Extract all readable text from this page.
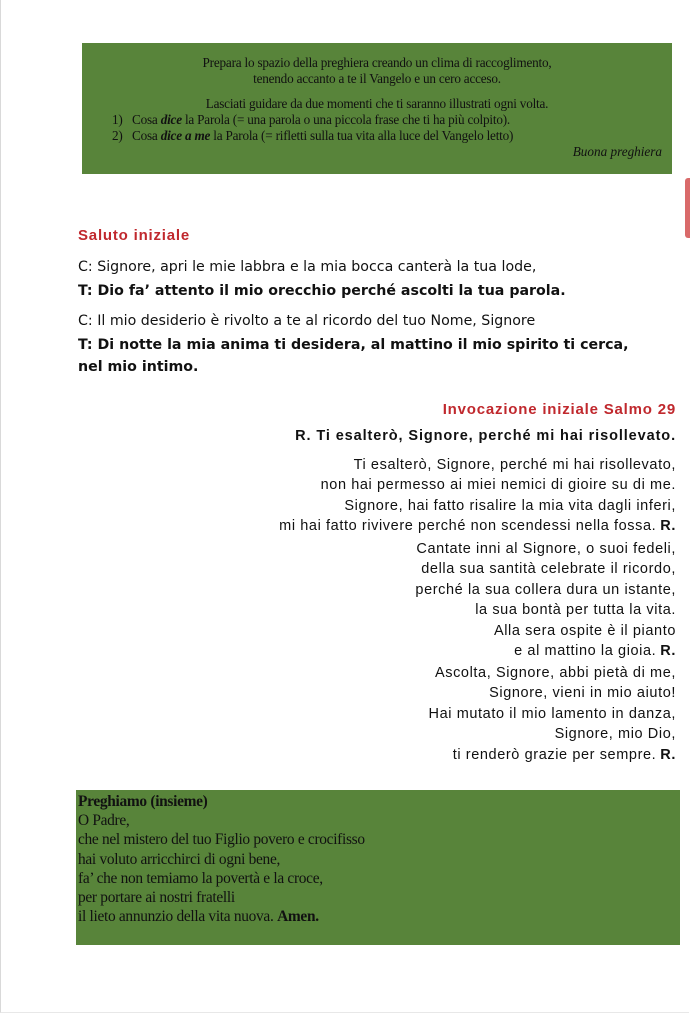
Prepara lo spazio della preghiera creando un clima di raccoglimento,
tenendo accanto a te il Vangelo e un cero acceso.
Lasciati guidare da due momenti che ti saranno illustrati ogni volta.
1) Cosa dice la Parola (= una parola o una piccola frase che ti ha più colpito).
2) Cosa dice a me la Parola (= rifletti sulla tua vita alla luce del Vangelo letto)
Buona preghiera
Saluto iniziale

C: Signore, apri le mie labbra e la mia bocca canterà la tua lode,

T: Dio fa’ attento il mio orecchio perché ascolti la tua parola.

C: Il mio desiderio è rivolto a te al ricordo del tuo Nome, Signore

T: Di notte la mia anima ti desidera, al mattino il mio spirito ti cerca,

nel mio intimo.

Invocazione iniziale Salmo 29

R. Ti esalterò, Signore, perché mi hai risollevato.

Ti esalterò, Signore, perché mi hai risollevato,
non hai permesso ai miei nemici di gioire su di me.
Signore, hai fatto risalire la mia vita dagli inferi,
mi hai fatto rivivere perché non scendessi nella fossa. R.

Cantate inni al Signore, o suoi fedeli,
della sua santità celebrate il ricordo,
perché la sua collera dura un istante,
la sua bontà per tutta la vita.
Alla sera ospite è il pianto
e al mattino la gioia. R.

Ascolta, Signore, abbi pietà di me,
Signore, vieni in mio aiuto!
Hai mutato il mio lamento in danza,
Signore, mio Dio,
ti renderò grazie per sempre. R.

Preghiamo (insieme)
O Padre,
che nel mistero del tuo Figlio povero e crocifisso
hai voluto arricchirci di ogni bene,
fa’ che non temiamo la povertà e la croce,
per portare ai nostri fratelli
il lieto annunzio della vita nuova. Amen.
